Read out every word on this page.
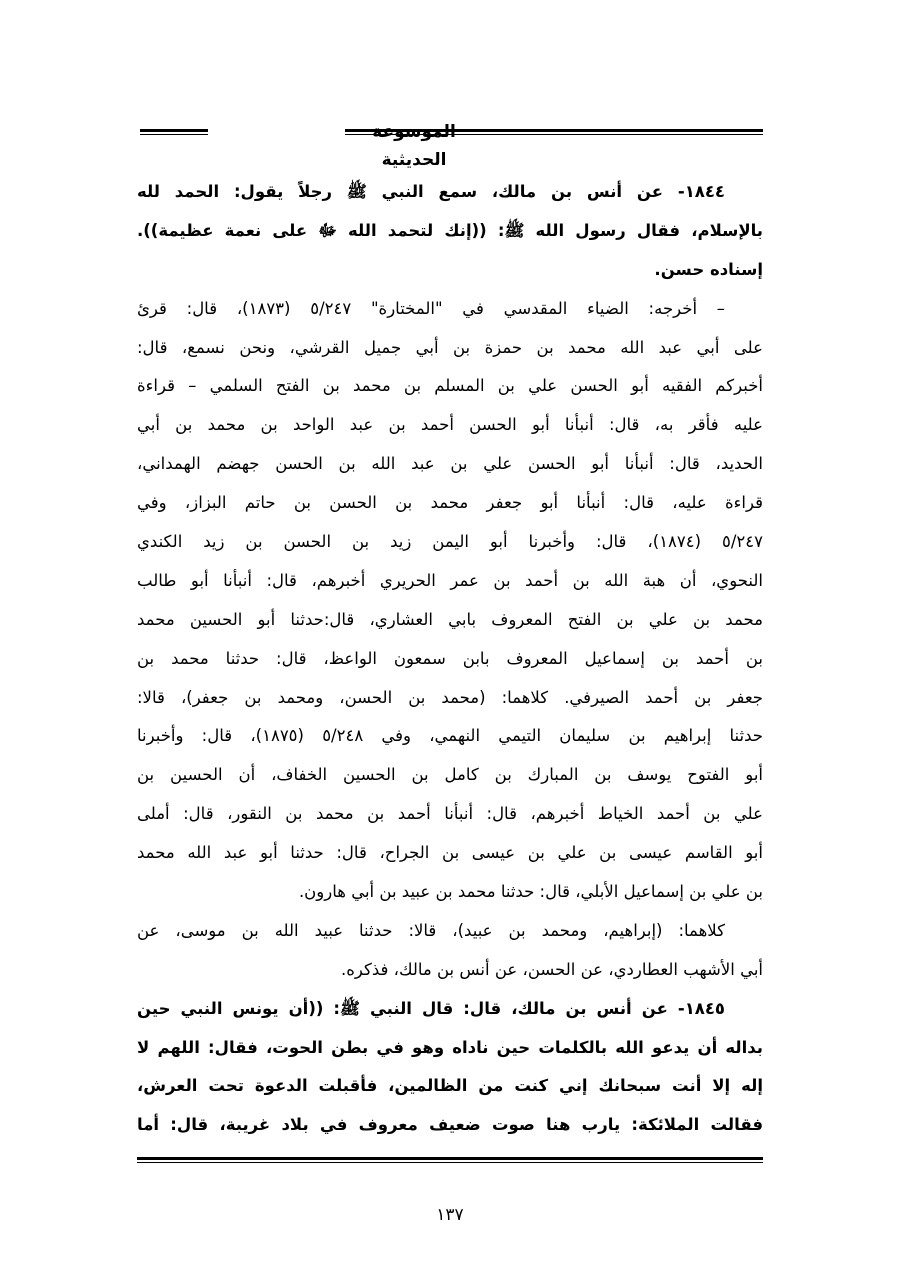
الموسوعة الحديثية
١٨٤٤- عن أنس بن مالك، سمع النبي ﷺ رجلاً يقول: الحمد لله
بالإسلام، فقال رسول الله ﷺ: ((إنك لتحمد الله ﷻ على نعمة عظيمة)).
إسناده حسن.
– أخرجه: الضياء المقدسي في "المختارة" ٥/٢٤٧ (١٨٧٣)، قال: قرئ
على أبي عبد الله محمد بن حمزة بن أبي جميل القرشي، ونحن نسمع، قال:
أخبركم الفقيه أبو الحسن علي بن المسلم بن محمد بن الفتح السلمي – قراءة
عليه فأقر به، قال: أنبأنا أبو الحسن أحمد بن عبد الواحد بن محمد بن أبي
الحديد، قال: أنبأنا أبو الحسن علي بن عبد الله بن الحسن جهضم الهمداني،
قراءة عليه، قال: أنبأنا أبو جعفر محمد بن الحسن بن حاتم البزاز، وفي
٥/٢٤٧ (١٨٧٤)، قال: وأخبرنا أبو اليمن زيد بن الحسن بن زيد الكندي
النحوي، أن هبة الله بن أحمد بن عمر الحريري أخبرهم، قال: أنبأنا أبو طالب
محمد بن علي بن الفتح المعروف بابي العشاري، قال:حدثنا أبو الحسين محمد
بن أحمد بن إسماعيل المعروف بابن سمعون الواعظ، قال: حدثنا محمد بن
جعفر بن أحمد الصيرفي. كلاهما: (محمد بن الحسن، ومحمد بن جعفر)، قالا:
حدثنا إبراهيم بن سليمان التيمي النهمي، وفي ٥/٢٤٨ (١٨٧٥)، قال: وأخبرنا
أبو الفتوح يوسف بن المبارك بن كامل بن الحسين الخفاف، أن الحسين بن
علي بن أحمد الخياط أخبرهم، قال: أنبأنا أحمد بن محمد بن النقور، قال: أملى
أبو القاسم عيسى بن علي بن عيسى بن الجراح، قال: حدثنا أبو عبد الله محمد
بن علي بن إسماعيل الأبلي، قال: حدثنا محمد بن عبيد بن أبي هارون.
كلاهما: (إبراهيم، ومحمد بن عبيد)، قالا: حدثنا عبيد الله بن موسى، عن
أبي الأشهب العطاردي، عن الحسن، عن أنس بن مالك، فذكره.
١٨٤٥- عن أنس بن مالك، قال: قال النبي ﷺ: ((أن يونس النبي حين
بداله أن يدعو الله بالكلمات حين ناداه وهو في بطن الحوت، فقال: اللهم لا
إله إلا أنت سبحانك إني كنت من الظالمين، فأقبلت الدعوة تحت العرش،
فقالت الملائكة: يارب هنا صوت ضعيف معروف في بلاد غريبة، قال: أما
١٣٧
